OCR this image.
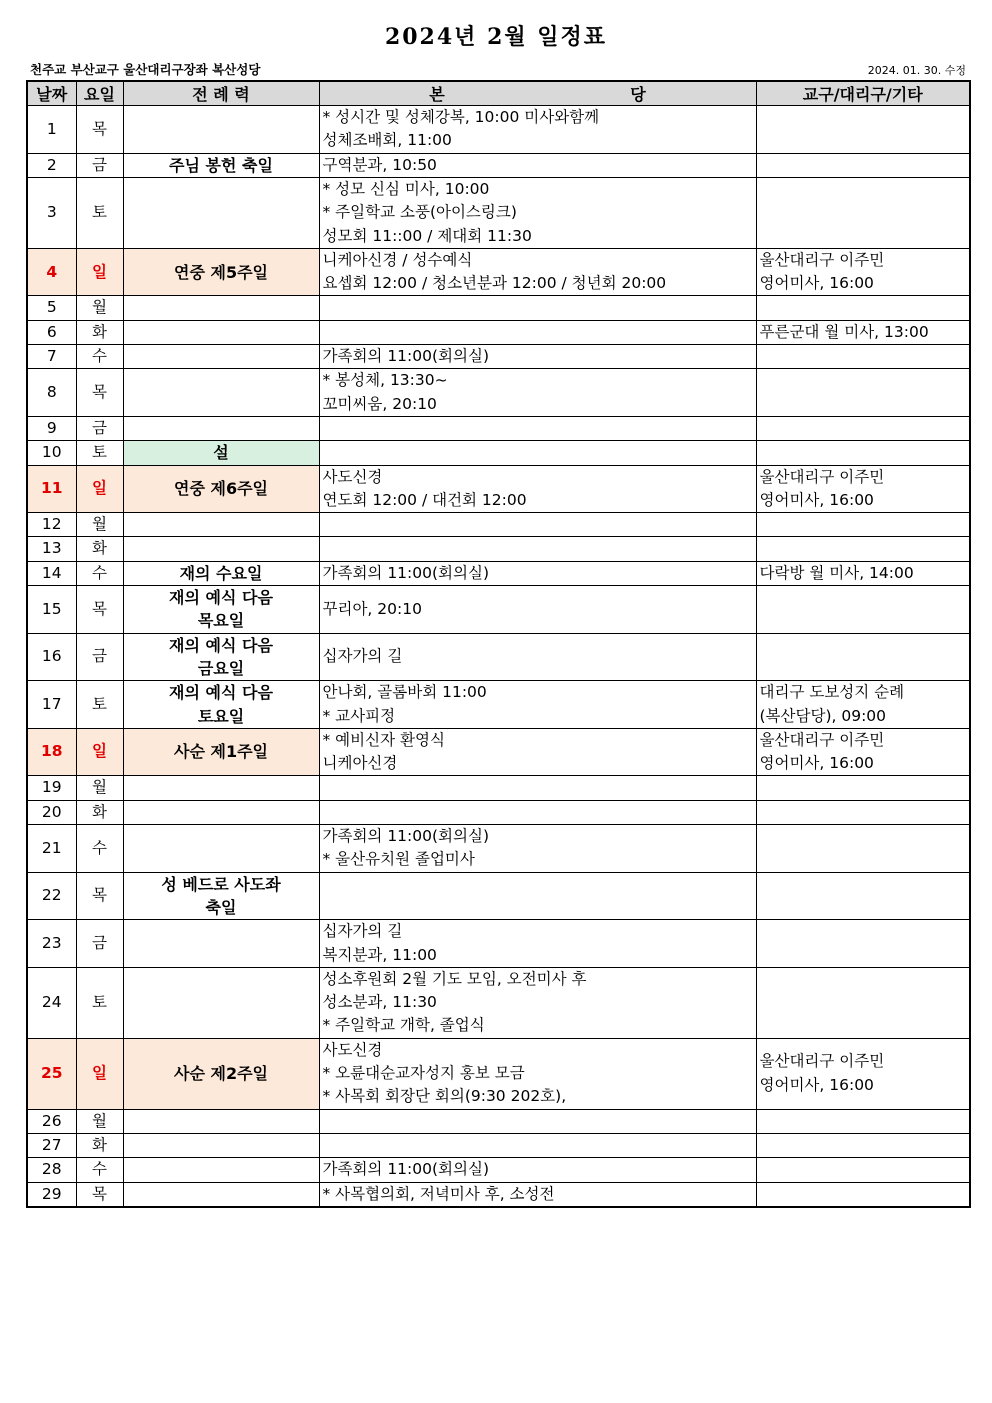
2024년 2월 일정표
천주교 부산교구 울산대리구장좌 복산성당	2024. 01. 30. 수정
날짜	요일	전 례 력	본 당	교구/대리구/기타
1	목		* 성시간 및 성체강복, 10:00 미사와함께
성체조배회, 11:00	

2	금	주님 봉헌 축일	구역분과, 10:50	

3	토		* 성모 신심 미사, 10:00
* 주일학교 소풍(아이스링크)
성모회 11::00 / 제대회 11:30	

4	일	연중 제5주일	니케아신경 / 성수예식
요셉회 12:00 / 청소년분과 12:00 / 청년회 20:00	울산대리구 이주민
영어미사, 16:00

5	월			
6	화			푸른군대 월 미사, 13:00

7	수		가족회의 11:00(회의실)	

8	목		* 봉성체, 13:30~
꼬미씨움, 20:10	

9	금			
10	토	설		

11	일	연중 제6주일	사도신경
연도회 12:00 / 대건회 12:00	울산대리구 이주민
영어미사, 16:00

12	월			
13	화			
14	수	재의 수요일	가족회의 11:00(회의실)	다락방 월 미사, 14:00

15	목	재의 예식 다음
목요일	꾸리아, 20:10	

16	금	재의 예식 다음
금요일	십자가의 길	

17	토	재의 예식 다음
토요일	안나회, 골롬바회 11:00
* 교사피정	대리구 도보성지 순례
(복산담당), 09:00

18	일	사순 제1주일	* 예비신자 환영식
니케아신경	울산대리구 이주민
영어미사, 16:00

19	월			
20	화			
21	수		가족회의 11:00(회의실)
* 울산유치원 졸업미사	

22	목	성 베드로 사도좌
축일		

23	금		십자가의 길
복지분과, 11:00	

24	토		성소후원회 2월 기도 모임, 오전미사 후
성소분과, 11:30
* 주일학교 개학, 졸업식	

25	일	사순 제2주일	사도신경
* 오륜대순교자성지 홍보 모금
* 사목회 회장단 회의(9:30 202호),	울산대리구 이주민
영어미사, 16:00

26	월			
27	화			
28	수		가족회의 11:00(회의실)	

29	목		* 사목협의회, 저녁미사 후, 소성전	
